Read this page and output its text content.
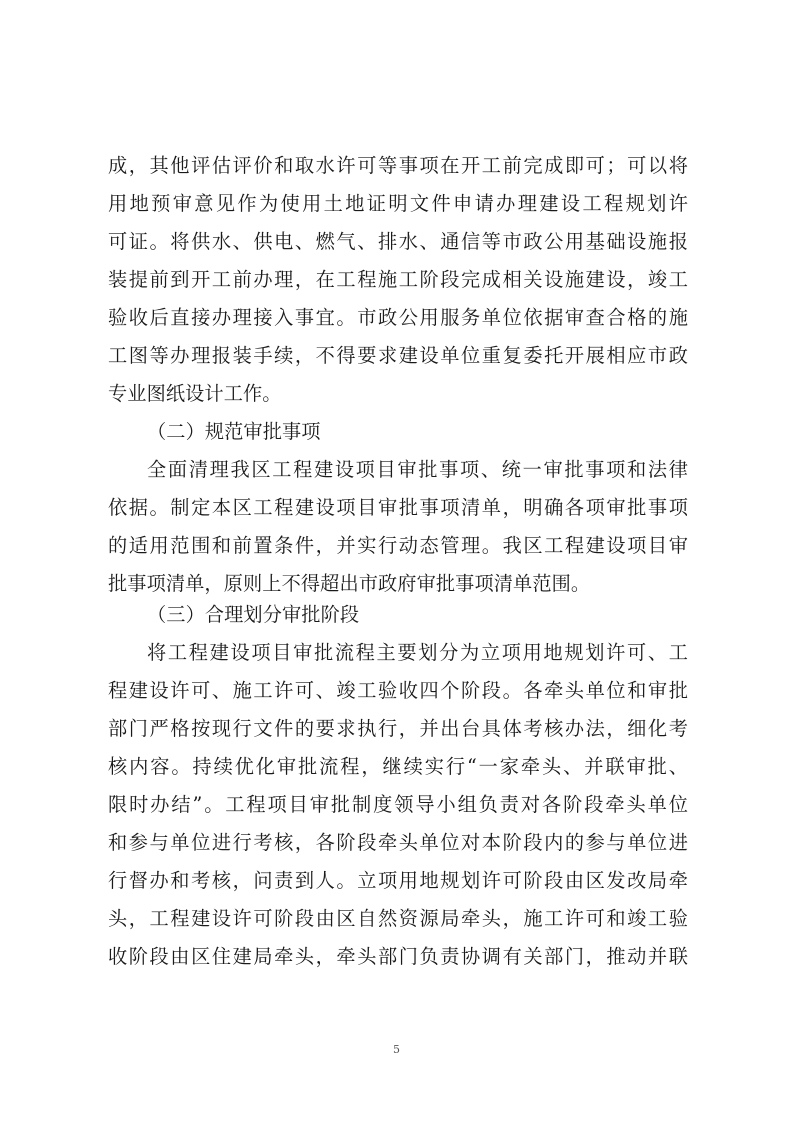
成，其他评估评价和取水许可等事项在开工前完成即可；可以将
用地预审意见作为使用土地证明文件申请办理建设工程规划许
可证。将供水、供电、燃气、排水、通信等市政公用基础设施报
装提前到开工前办理，在工程施工阶段完成相关设施建设，竣工
验收后直接办理接入事宜。市政公用服务单位依据审查合格的施
工图等办理报装手续，不得要求建设单位重复委托开展相应市政
专业图纸设计工作。
（二）规范审批事项
全面清理我区工程建设项目审批事项、统一审批事项和法律
依据。制定本区工程建设项目审批事项清单，明确各项审批事项
的适用范围和前置条件，并实行动态管理。我区工程建设项目审
批事项清单，原则上不得超出市政府审批事项清单范围。
（三）合理划分审批阶段
将工程建设项目审批流程主要划分为立项用地规划许可、工
程建设许可、施工许可、竣工验收四个阶段。各牵头单位和审批
部门严格按现行文件的要求执行，并出台具体考核办法，细化考
核内容。持续优化审批流程，继续实行“一家牵头、并联审批、
限时办结”。工程项目审批制度领导小组负责对各阶段牵头单位
和参与单位进行考核，各阶段牵头单位对本阶段内的参与单位进
行督办和考核，问责到人。立项用地规划许可阶段由区发改局牵
头，工程建设许可阶段由区自然资源局牵头，施工许可和竣工验
收阶段由区住建局牵头，牵头部门负责协调有关部门，推动并联
5
